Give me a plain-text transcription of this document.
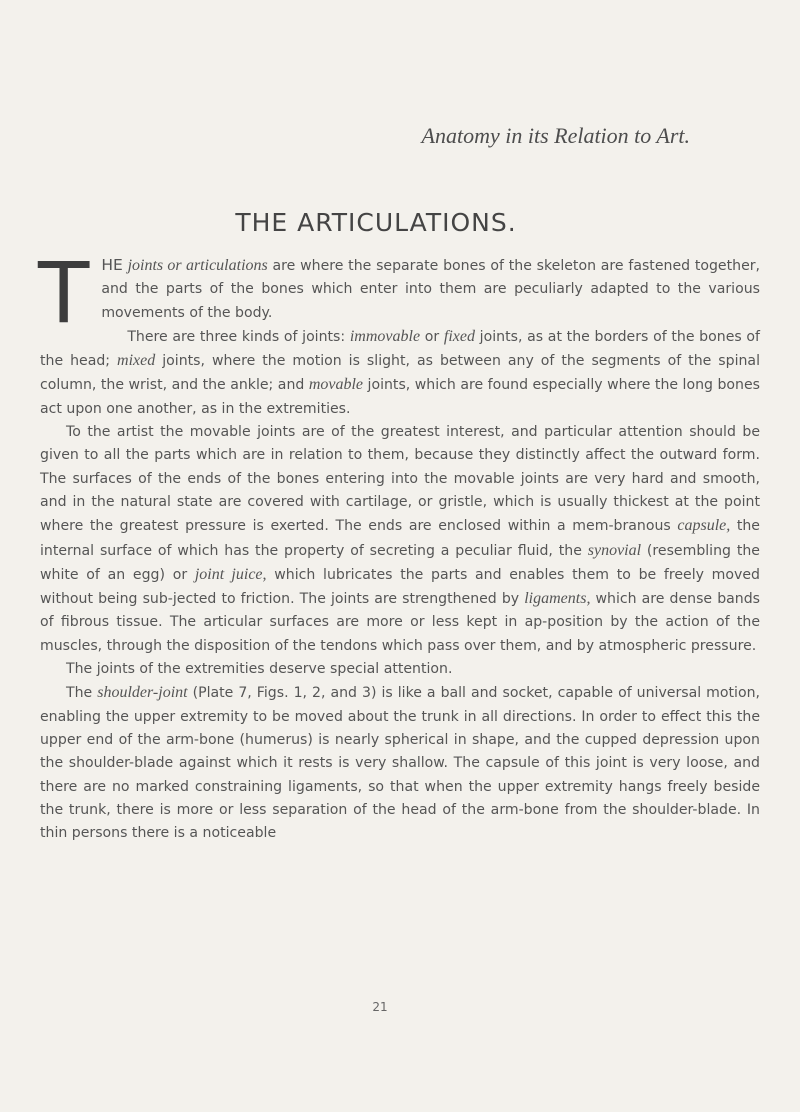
Anatomy in its Relation to Art.
THE ARTICULATIONS.

THE joints or articulations are where the separate bones of the skeleton are fastened together, and the parts of the bones which enter into them are peculiarly adapted to the various movements of the body.

There are three kinds of joints: immovable or fixed joints, as at the borders of the bones of the head; mixed joints, where the motion is slight, as between any of the segments of the spinal column, the wrist, and the ankle; and movable joints, which are found especially where the long bones act upon one another, as in the extremities.

To the artist the movable joints are of the greatest interest, and particular attention should be given to all the parts which are in relation to them, because they distinctly affect the outward form. The surfaces of the ends of the bones entering into the movable joints are very hard and smooth, and in the natural state are covered with cartilage, or gristle, which is usually thickest at the point where the greatest pressure is exerted. The ends are enclosed within a mem-branous capsule, the internal surface of which has the property of secreting a peculiar fluid, the synovial (resembling the white of an egg) or joint juice, which lubricates the parts and enables them to be freely moved without being sub-jected to friction. The joints are strengthened by ligaments, which are dense bands of fibrous tissue. The articular surfaces are more or less kept in ap-position by the action of the muscles, through the disposition of the tendons which pass over them, and by atmospheric pressure.

The joints of the extremities deserve special attention.

The shoulder-joint (Plate 7, Figs. 1, 2, and 3) is like a ball and socket, capable of universal motion, enabling the upper extremity to be moved about the trunk in all directions. In order to effect this the upper end of the arm-bone (humerus) is nearly spherical in shape, and the cupped depression upon the shoulder-blade against which it rests is very shallow. The capsule of this joint is very loose, and there are no marked constraining ligaments, so that when the upper extremity hangs freely beside the trunk, there is more or less separation of the head of the arm-bone from the shoulder-blade. In thin persons there is a noticeable

21
